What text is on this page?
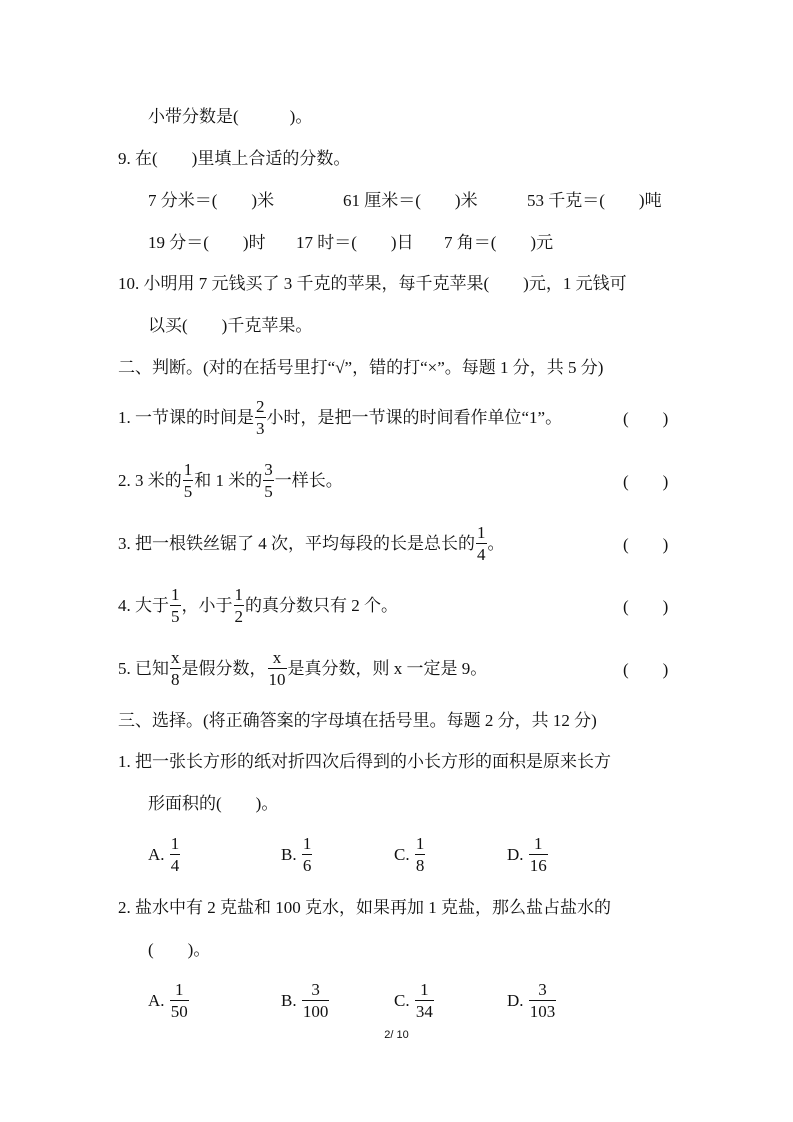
小带分数是(　　　)。
9. 在(　　)里填上合适的分数。
7 分米＝(　　)米	61 厘米＝(　　)米	53 千克＝(　　)吨
19 分＝(　　)时 17 时＝(　　)日 7 角＝(　　)元
10. 小明用 7 元钱买了 3 千克的苹果，每千克苹果(　　)元，1 元钱可
以买(　　)千克苹果。
二、判断。(对的在括号里打“√”，错的打“×”。每题 1 分，共 5 分)
1. 一节课的时间是 $\frac{2}{3}$ 小时，是把一节课的时间看作单位“1”。	(　　)
2. 3 米的 $\frac{1}{5}$ 和 1 米的 $\frac{3}{5}$ 一样长。	(　　)
3. 把一根铁丝锯了 4 次，平均每段的长是总长的 $\frac{1}{4}$ 。	(　　)
4. 大于 $\frac{1}{5}$ ，小于 $\frac{1}{2}$ 的真分数只有 2 个。	(　　)
5. 已知 $\frac{x}{8}$ 是假分数， $\frac{x}{10}$ 是真分数，则 x 一定是 9。	(　　)
三、选择。(将正确答案的字母填在括号里。每题 2 分，共 12 分)
1. 把一张长方形的纸对折四次后得到的小长方形的面积是原来长方
形面积的(　　)。
A. $\frac{1}{4}$	B. $\frac{1}{6}$	C. $\frac{1}{8}$	D. $\frac{1}{16}$
2. 盐水中有 2 克盐和 100 克水，如果再加 1 克盐，那么盐占盐水的
(　　)。
A. $\frac{1}{50}$	B. $\frac{3}{100}$	C. $\frac{1}{34}$	D. $\frac{3}{103}$
2/ 10
